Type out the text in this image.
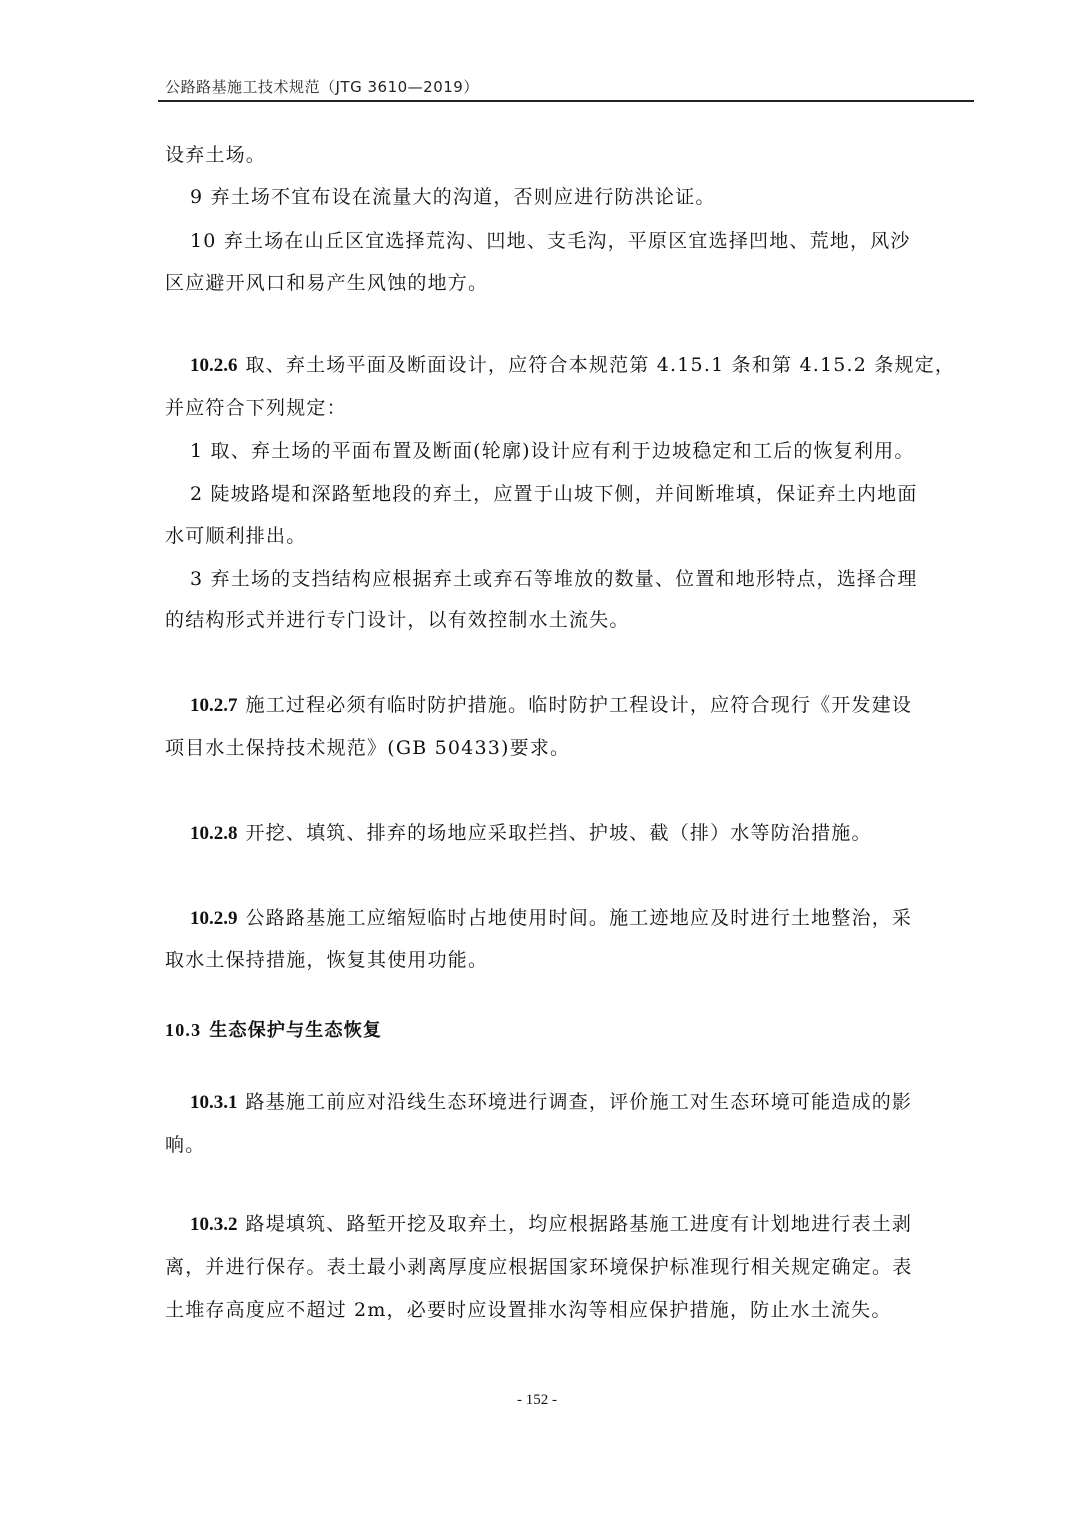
公路路基施工技术规范（JTG 3610—2019）
设弃土场。
9 弃土场不宜布设在流量大的沟道，否则应进行防洪论证。
10 弃土场在山丘区宜选择荒沟、凹地、支毛沟，平原区宜选择凹地、荒地，风沙
区应避开风口和易产生风蚀的地方。
并应符合下列规定：
1 取、弃土场的平面布置及断面(轮廓)设计应有利于边坡稳定和工后的恢复利用。
2 陡坡路堤和深路堑地段的弃土，应置于山坡下侧，并间断堆填，保证弃土内地面
水可顺利排出。
3 弃土场的支挡结构应根据弃土或弃石等堆放的数量、位置和地形特点，选择合理
的结构形式并进行专门设计，以有效控制水土流失。
项目水土保持技术规范》(GB 50433)要求。
取水土保持措施，恢复其使用功能。
响。
离，并进行保存。表土最小剥离厚度应根据国家环境保护标准现行相关规定确定。表
土堆存高度应不超过 2m，必要时应设置排水沟等相应保护措施，防止水土流失。
10.2.6 取、弃土场平面及断面设计，应符合本规范第 4.15.1 条和第 4.15.2 条规定，
10.2.7 施工过程必须有临时防护措施。临时防护工程设计，应符合现行《开发建设
10.2.8 开挖、填筑、排弃的场地应采取拦挡、护坡、截（排）水等防治措施。
10.2.9 公路路基施工应缩短临时占地使用时间。施工迹地应及时进行土地整治，采
10.3.1 路基施工前应对沿线生态环境进行调查，评价施工对生态环境可能造成的影
10.3.2 路堤填筑、路堑开挖及取弃土，均应根据路基施工进度有计划地进行表土剥
10.3 生态保护与生态恢复
- 152 -
